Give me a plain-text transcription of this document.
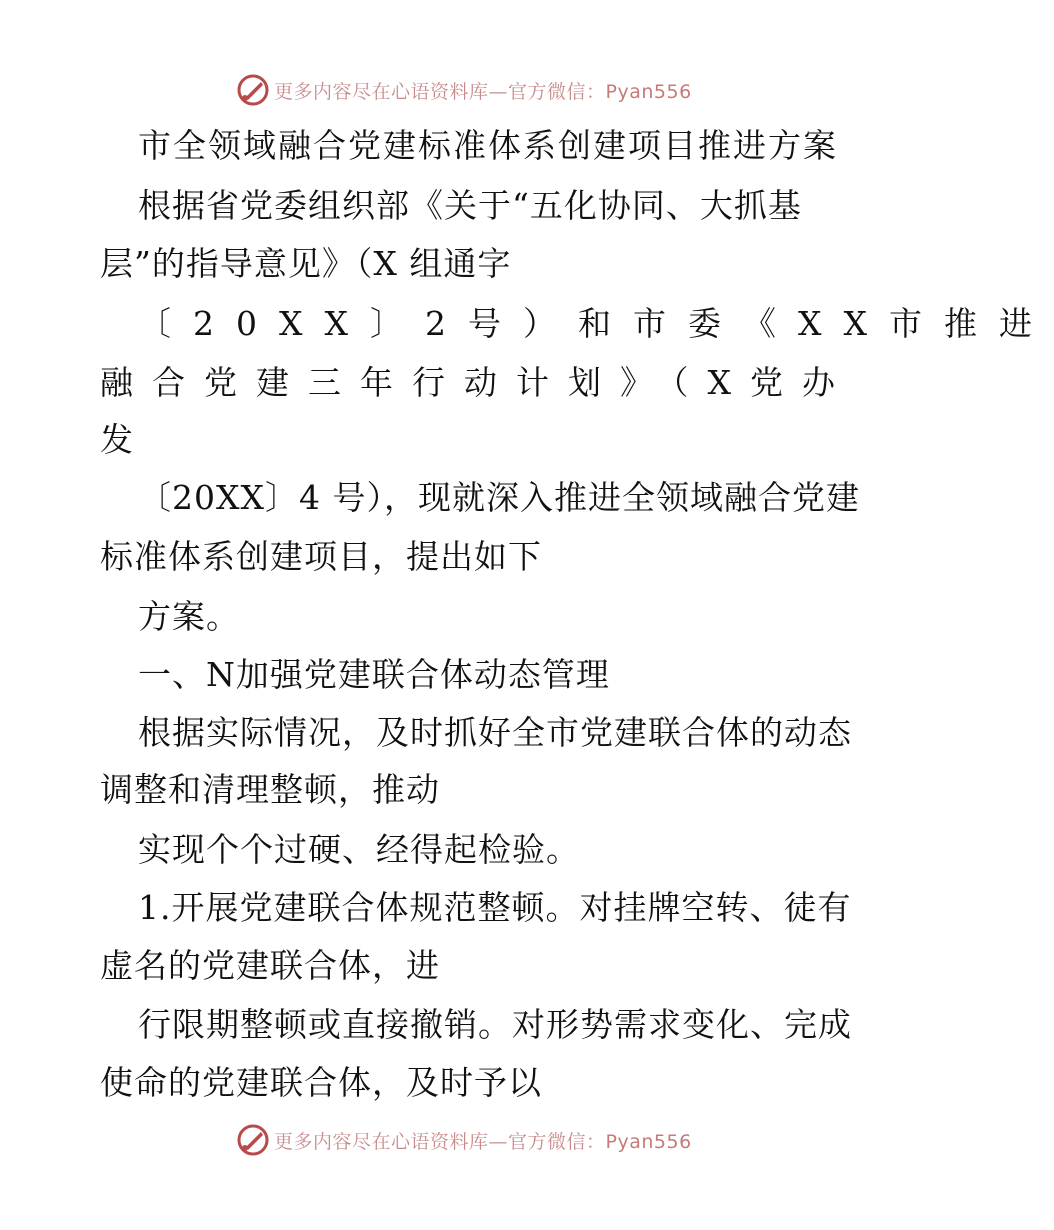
更多内容尽在心语资料库—官方微信：Pyan556
市全领域融合党建标准体系创建项目推进方案
根据省党委组织部《关于“五化协同、大抓基
层”的指导意见》（X 组通字
〔20XX〕2号）和市委《XX市推进
融合党建三年行动计划》（X党办
发
〔20XX〕4 号），现就深入推进全领域融合党建
标准体系创建项目，提出如下
方案。
一、N加强党建联合体动态管理
根据实际情况，及时抓好全市党建联合体的动态
调整和清理整顿，推动
实现个个过硬、经得起检验。
1.开展党建联合体规范整顿。对挂牌空转、徒有
虚名的党建联合体，进
行限期整顿或直接撤销。对形势需求变化、完成
使命的党建联合体，及时予以
更多内容尽在心语资料库—官方微信：Pyan556
